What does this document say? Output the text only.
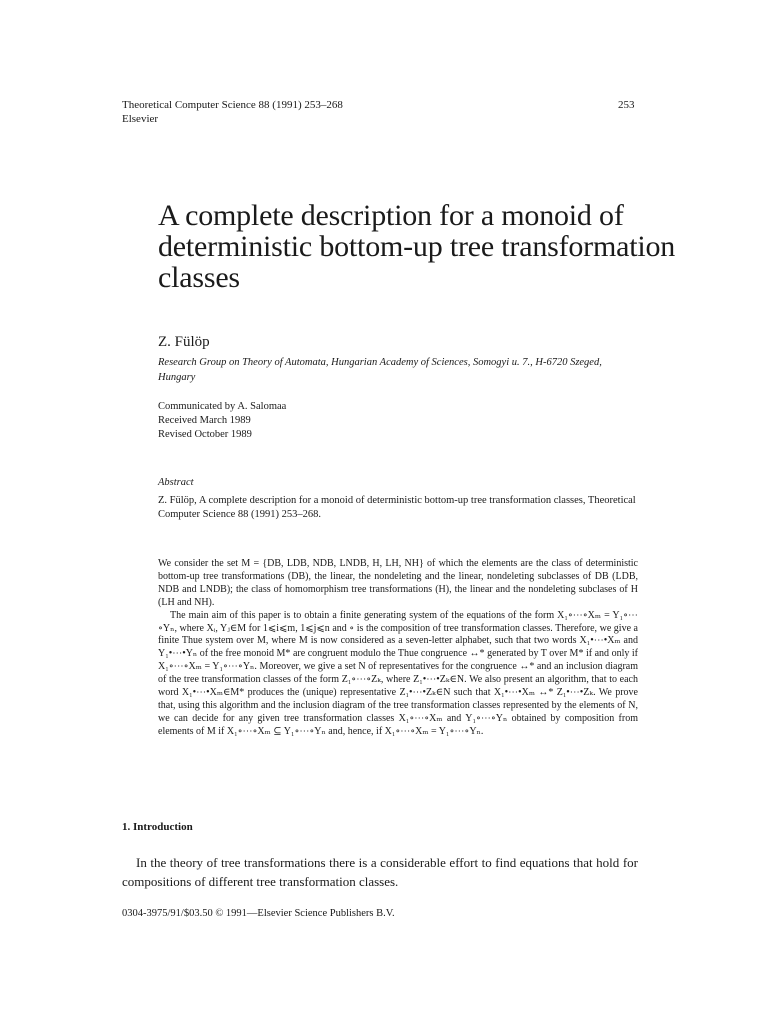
Theoretical Computer Science 88 (1991) 253–268
Elsevier
253
A complete description for a monoid of deterministic bottom-up tree transformation classes
Z. Fülöp
Research Group on Theory of Automata, Hungarian Academy of Sciences, Somogyi u. 7., H-6720 Szeged, Hungary
Communicated by A. Salomaa
Received March 1989
Revised October 1989
Abstract
Z. Fülöp, A complete description for a monoid of deterministic bottom-up tree transformation classes, Theoretical Computer Science 88 (1991) 253–268.

We consider the set M = {DB, LDB, NDB, LNDB, H, LH, NH} of which the elements are the class of deterministic bottom-up tree transformations (DB), the linear, the nondeleting and the linear, nondeleting subclasses of DB (LDB, NDB and LNDB); the class of homomorphism tree transformations (H), the linear and the nondeleting subclases of H (LH and NH).

The main aim of this paper is to obtain a finite generating system of the equations of the form X₁∘⋯∘Xₘ = Y₁∘⋯∘Yₙ, where Xᵢ, Yⱼ∈M for 1⩽i⩽m, 1⩽j⩽n and ∘ is the composition of tree transformation classes. Therefore, we give a finite Thue system over M, where M is now considered as a seven-letter alphabet, such that two words X₁•⋯•Xₘ and Y₁•⋯•Yₙ of the free monoid M* are congruent modulo the Thue congruence ↔* generated by T over M* if and only if X₁∘⋯∘Xₘ = Y₁∘⋯∘Yₙ. Moreover, we give a set N of representatives for the congruence ↔* and an inclusion diagram of the tree transformation classes of the form Z₁∘⋯∘Zₖ, where Z₁•⋯•Zₖ∈N. We also present an algorithm, that to each word X₁•⋯•Xₘ∈M* produces the (unique) representative Z₁•⋯•Zₖ∈N such that X₁•⋯•Xₘ ↔* Z₁•⋯•Zₖ. We prove that, using this algorithm and the inclusion diagram of the tree transformation classes represented by the elements of N, we can decide for any given tree transformation classes X₁∘⋯∘Xₘ and Y₁∘⋯∘Yₙ obtained by composition from elements of M if X₁∘⋯∘Xₘ ⊆ Y₁∘⋯∘Yₙ and, hence, if X₁∘⋯∘Xₘ = Y₁∘⋯∘Yₙ.

1. Introduction
In the theory of tree transformations there is a considerable effort to find equations that hold for compositions of different tree transformation classes.
0304-3975/91/$03.50 © 1991—Elsevier Science Publishers B.V.
